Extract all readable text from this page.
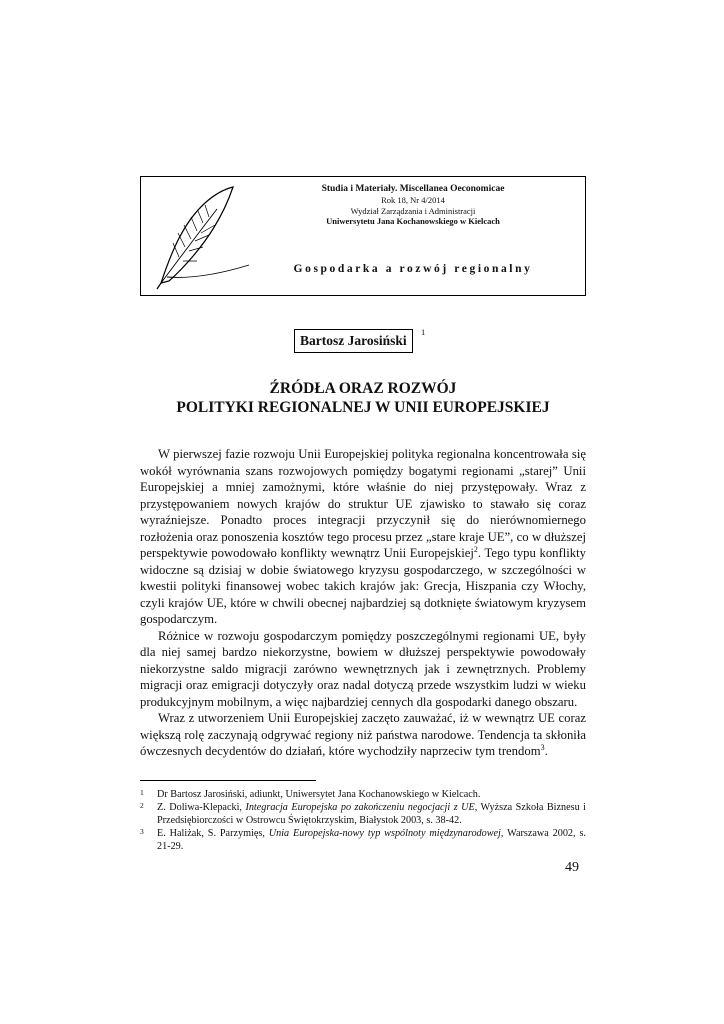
Studia i Materiały. Miscellanea Oeconomicae
Rok 18, Nr 4/2014
Wydział Zarządzania i Administracji
Uniwersytetu Jana Kochanowskiego w Kielcach
Gospodarka a rozwój regionalny
Bartosz Jarosiński
1
ŹRÓDŁA ORAZ ROZWÓJ
POLITYKI REGIONALNEJ W UNII EUROPEJSKIEJ

W pierwszej fazie rozwoju Unii Europejskiej polityka regionalna koncentrowała się wokół wyrównania szans rozwojowych pomiędzy bogatymi regionami „starej” Unii Europejskiej a mniej zamożnymi, które właśnie do niej przystępowały. Wraz z przystępowaniem nowych krajów do struktur UE zjawisko to stawało się coraz wyraźniejsze. Ponadto proces integracji przyczynił się do nierównomiernego rozłożenia oraz ponoszenia kosztów tego procesu przez „stare kraje UE”, co w dłuższej perspektywie powodowało konflikty wewnątrz Unii Europejskiej$^2$. Tego typu konflikty widoczne są dzisiaj w dobie światowego kryzysu gospodarczego, w szczególności w kwestii polityki finansowej wobec takich krajów jak: Grecja, Hiszpania czy Włochy, czyli krajów UE, które w chwili obecnej najbardziej są dotknięte światowym kryzysem gospodarczym.

Różnice w rozwoju gospodarczym pomiędzy poszczególnymi regionami UE, były dla niej samej bardzo niekorzystne, bowiem w dłuższej perspektywie powodowały niekorzystne saldo migracji zarówno wewnętrznych jak i zewnętrznych. Problemy migracji oraz emigracji dotyczyły oraz nadal dotyczą przede wszystkim ludzi w wieku produkcyjnym mobilnym, a więc najbardziej cennych dla gospodarki danego obszaru.

Wraz z utworzeniem Unii Europejskiej zaczęto zauważać, iż w wewnątrz UE coraz większą rolę zaczynają odgrywać regiony niż państwa narodowe. Tendencja ta skłoniła ówczesnych decydentów do działań, które wychodziły naprzeciw tym trendom$^3$.

1 Dr Bartosz Jarosiński, adiunkt, Uniwersytet Jana Kochanowskiego w Kielcach.
2 Z. Doliwa-Klepacki, Integracja Europejska po zakończeniu negocjacji z UE, Wyższa Szkoła Biznesu i Przedsiębiorczości w Ostrowcu Świętokrzyskim, Białystok 2003, s. 38-42.
3 E. Haliżak, S. Parzymięs, Unia Europejska-nowy typ wspólnoty międzynarodowej, Warszawa 2002, s. 21-29.
49
